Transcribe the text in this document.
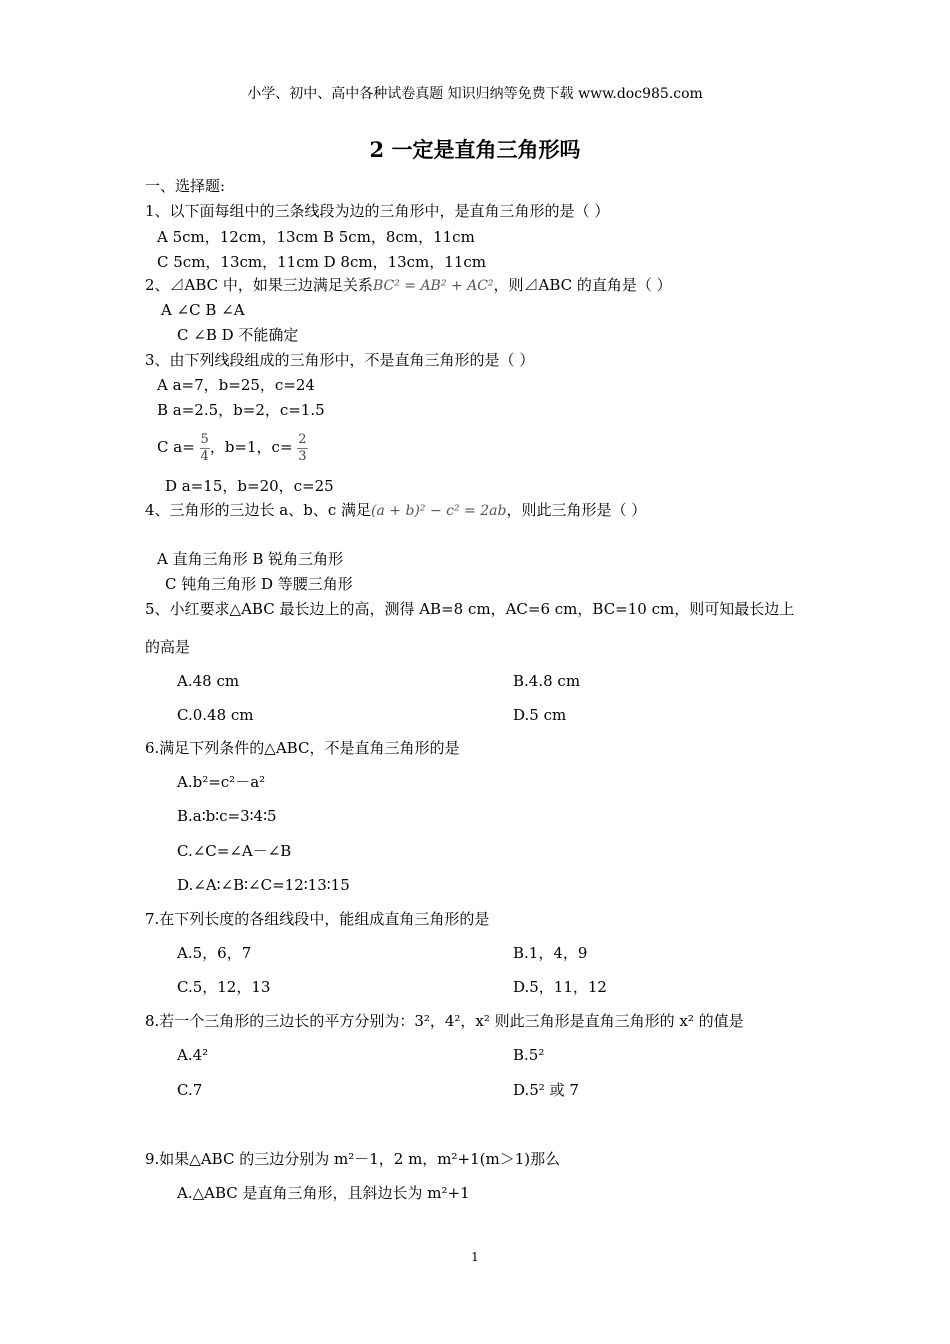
小学、初中、高中各种试卷真题 知识归纳等免费下载 www.doc985.com
2 一定是直角三角形吗
一、选择题:
1、以下面每组中的三条线段为边的三角形中，是直角三角形的是（ ）
A 5cm，12cm，13cm B 5cm，8cm，11cm
C 5cm，13cm，11cm D 8cm，13cm，11cm
2、⊿ABC 中，如果三边满足关系BC² = AB² + AC²，则⊿ABC 的直角是（ ）
A ∠C B ∠A
C ∠B D 不能确定
3、由下列线段组成的三角形中，不是直角三角形的是（ ）
A a=7，b=25，c=24
B a=2.5，b=2，c=1.5
C $a= \frac{5}{4}$ ，b=1，$c= \frac{2}{3}$
D a=15，b=20，c=25
4、三角形的三边长 a、b、c 满足(a + b)² − c² = 2ab，则此三角形是（ ）
A 直角三角形 B 锐角三角形
C 钝角三角形 D 等腰三角形
5、小红要求△ABC 最长边上的高，测得 AB=8 cm，AC=6 cm，BC=10 cm，则可知最长边上
的高是
A.48 cm	B.4.8 cm
C.0.48 cm	D.5 cm
6.满足下列条件的△ABC，不是直角三角形的是
A.b²=c²－a²
B.a∶b∶c=3∶4∶5
C.∠C=∠A－∠B
D.∠A∶∠B∶∠C=12∶13∶15
7.在下列长度的各组线段中，能组成直角三角形的是
A.5，6，7	B.1，4，9
C.5，12，13	D.5，11，12
8.若一个三角形的三边长的平方分别为：3²，4²，x² 则此三角形是直角三角形的 x² 的值是
A.4²	B.5²
C.7	D.5² 或 7
9.如果△ABC 的三边分别为 m²－1，2 m，m²+1(m＞1)那么
A.△ABC 是直角三角形，且斜边长为 m²+1
1
